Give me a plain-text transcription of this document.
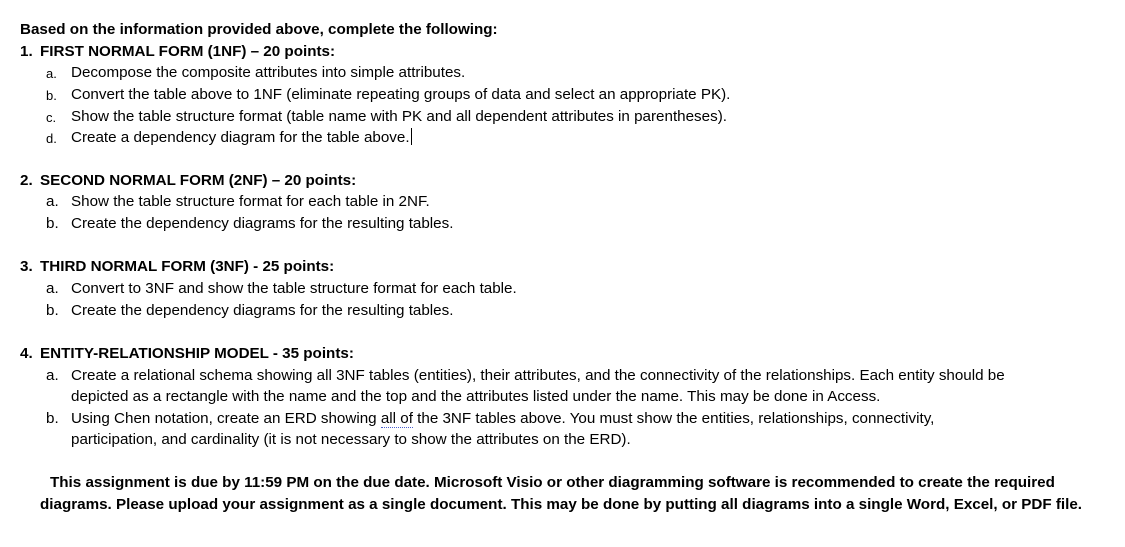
Based on the information provided above, complete the following:
1. FIRST NORMAL FORM (1NF) – 20 points:
a. Decompose the composite attributes into simple attributes.
b. Convert the table above to 1NF (eliminate repeating groups of data and select an appropriate PK).
c. Show the table structure format (table name with PK and all dependent attributes in parentheses).
d. Create a dependency diagram for the table above.
2. SECOND NORMAL FORM (2NF) – 20 points:
a. Show the table structure format for each table in 2NF.
b. Create the dependency diagrams for the resulting tables.
3. THIRD NORMAL FORM (3NF) - 25 points:
a. Convert to 3NF and show the table structure format for each table.
b. Create the dependency diagrams for the resulting tables.
4. ENTITY-RELATIONSHIP MODEL - 35 points:
a. Create a relational schema showing all 3NF tables (entities), their attributes, and the connectivity of the relationships. Each entity should be
depicted as a rectangle with the name and the top and the attributes listed under the name. This may be done in Access.
b. Using Chen notation, create an ERD showing all of the 3NF tables above. You must show the entities, relationships, connectivity,
participation, and cardinality (it is not necessary to show the attributes on the ERD).
This assignment is due by 11:59 PM on the due date. Microsoft Visio or other diagramming software is recommended to create the required
diagrams. Please upload your assignment as a single document. This may be done by putting all diagrams into a single Word, Excel, or PDF file.
